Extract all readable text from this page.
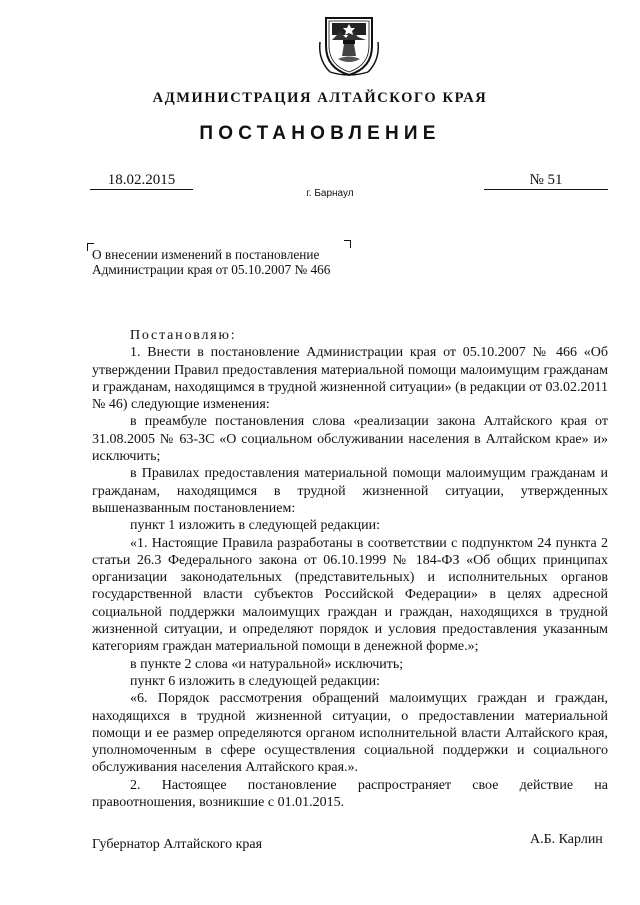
АДМИНИСТРАЦИЯ АЛТАЙСКОГО КРАЯ
ПОСТАНОВЛЕНИЕ
18.02.2015	№ 51
г. Барнаул
О внесении изменений в постановление
Администрации края от 05.10.2007 № 466

Постановляю:

1. Внести в постановление Администрации края от 05.10.2007 № 466 «Об утверждении Правил предоставления материальной помощи малоимущим гражданам и гражданам, находящимся в трудной жизненной ситуации» (в редакции от 03.02.2011 № 46) следующие изменения:

в преамбуле постановления слова «реализации закона Алтайского края от 31.08.2005 № 63-ЗС «О социальном обслуживании населения в Алтайском крае» и» исключить;

в Правилах предоставления материальной помощи малоимущим гражданам и гражданам, находящимся в трудной жизненной ситуации, утвержденных вышеназванным постановлением:

пункт 1 изложить в следующей редакции:

«1. Настоящие Правила разработаны в соответствии с подпунктом 24 пункта 2 статьи 26.3 Федерального закона от 06.10.1999 № 184-ФЗ «Об общих принципах организации законодательных (представительных) и исполнительных органов государственной власти субъектов Российской Федерации» в целях адресной социальной поддержки малоимущих граждан и граждан, находящихся в трудной жизненной ситуации, и определяют порядок и условия предоставления указанным категориям граждан материальной помощи в денежной форме.»;

в пункте 2 слова «и натуральной» исключить;

пункт 6 изложить в следующей редакции:

«6. Порядок рассмотрения обращений малоимущих граждан и граждан, находящихся в трудной жизненной ситуации, о предоставлении материальной помощи и ее размер определяются органом исполнительной власти Алтайского края, уполномоченным в сфере осуществления социальной поддержки и социального обслуживания населения Алтайского края.».

2. Настоящее постановление распространяет свое действие на правоотношения, возникшие с 01.01.2015.

Губернатор Алтайского края	А.Б. Карлин
